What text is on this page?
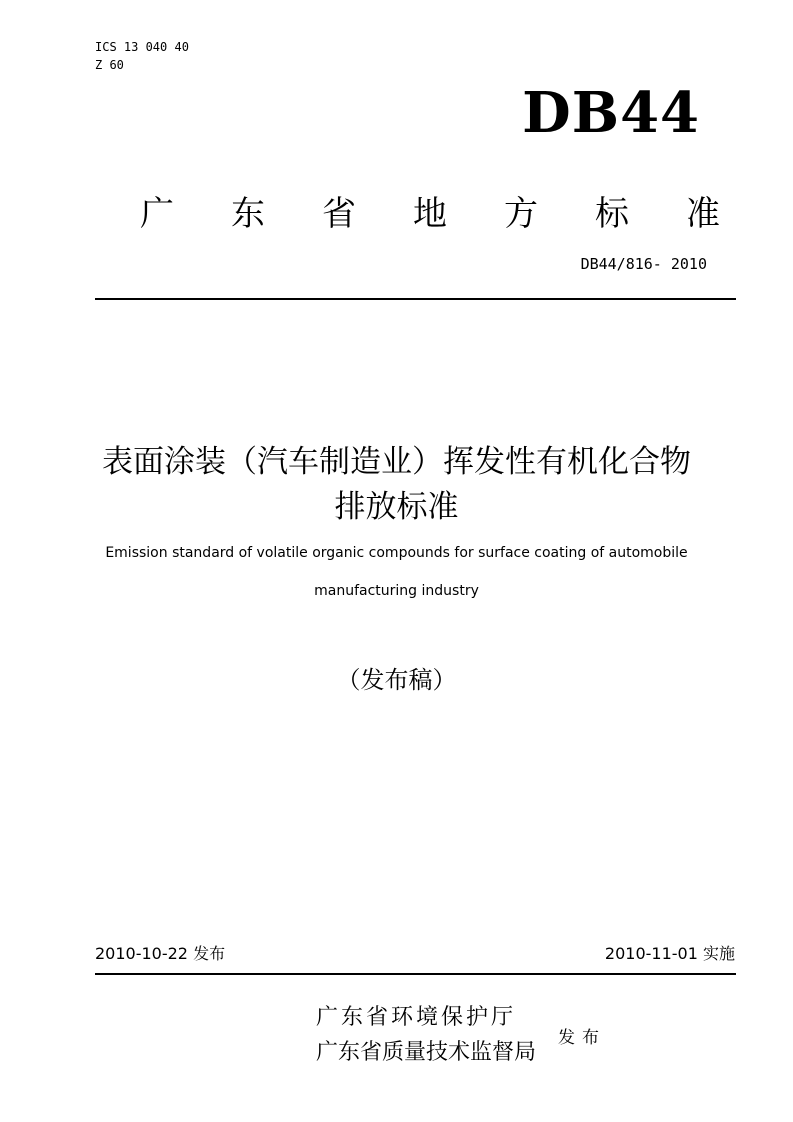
ICS 13 040 40
Z 60
DB44
广 东 省 地 方 标 准
DB44/816- 2010
表面涂装（汽车制造业）挥发性有机化合物
排放标准
Emission standard of volatile organic compounds for surface coating of automobile
manufacturing industry
（发布稿）
2010-10-22 发布	2010-11-01 实施
广东省环境保护厅
广东省质量技术监督局
发布
